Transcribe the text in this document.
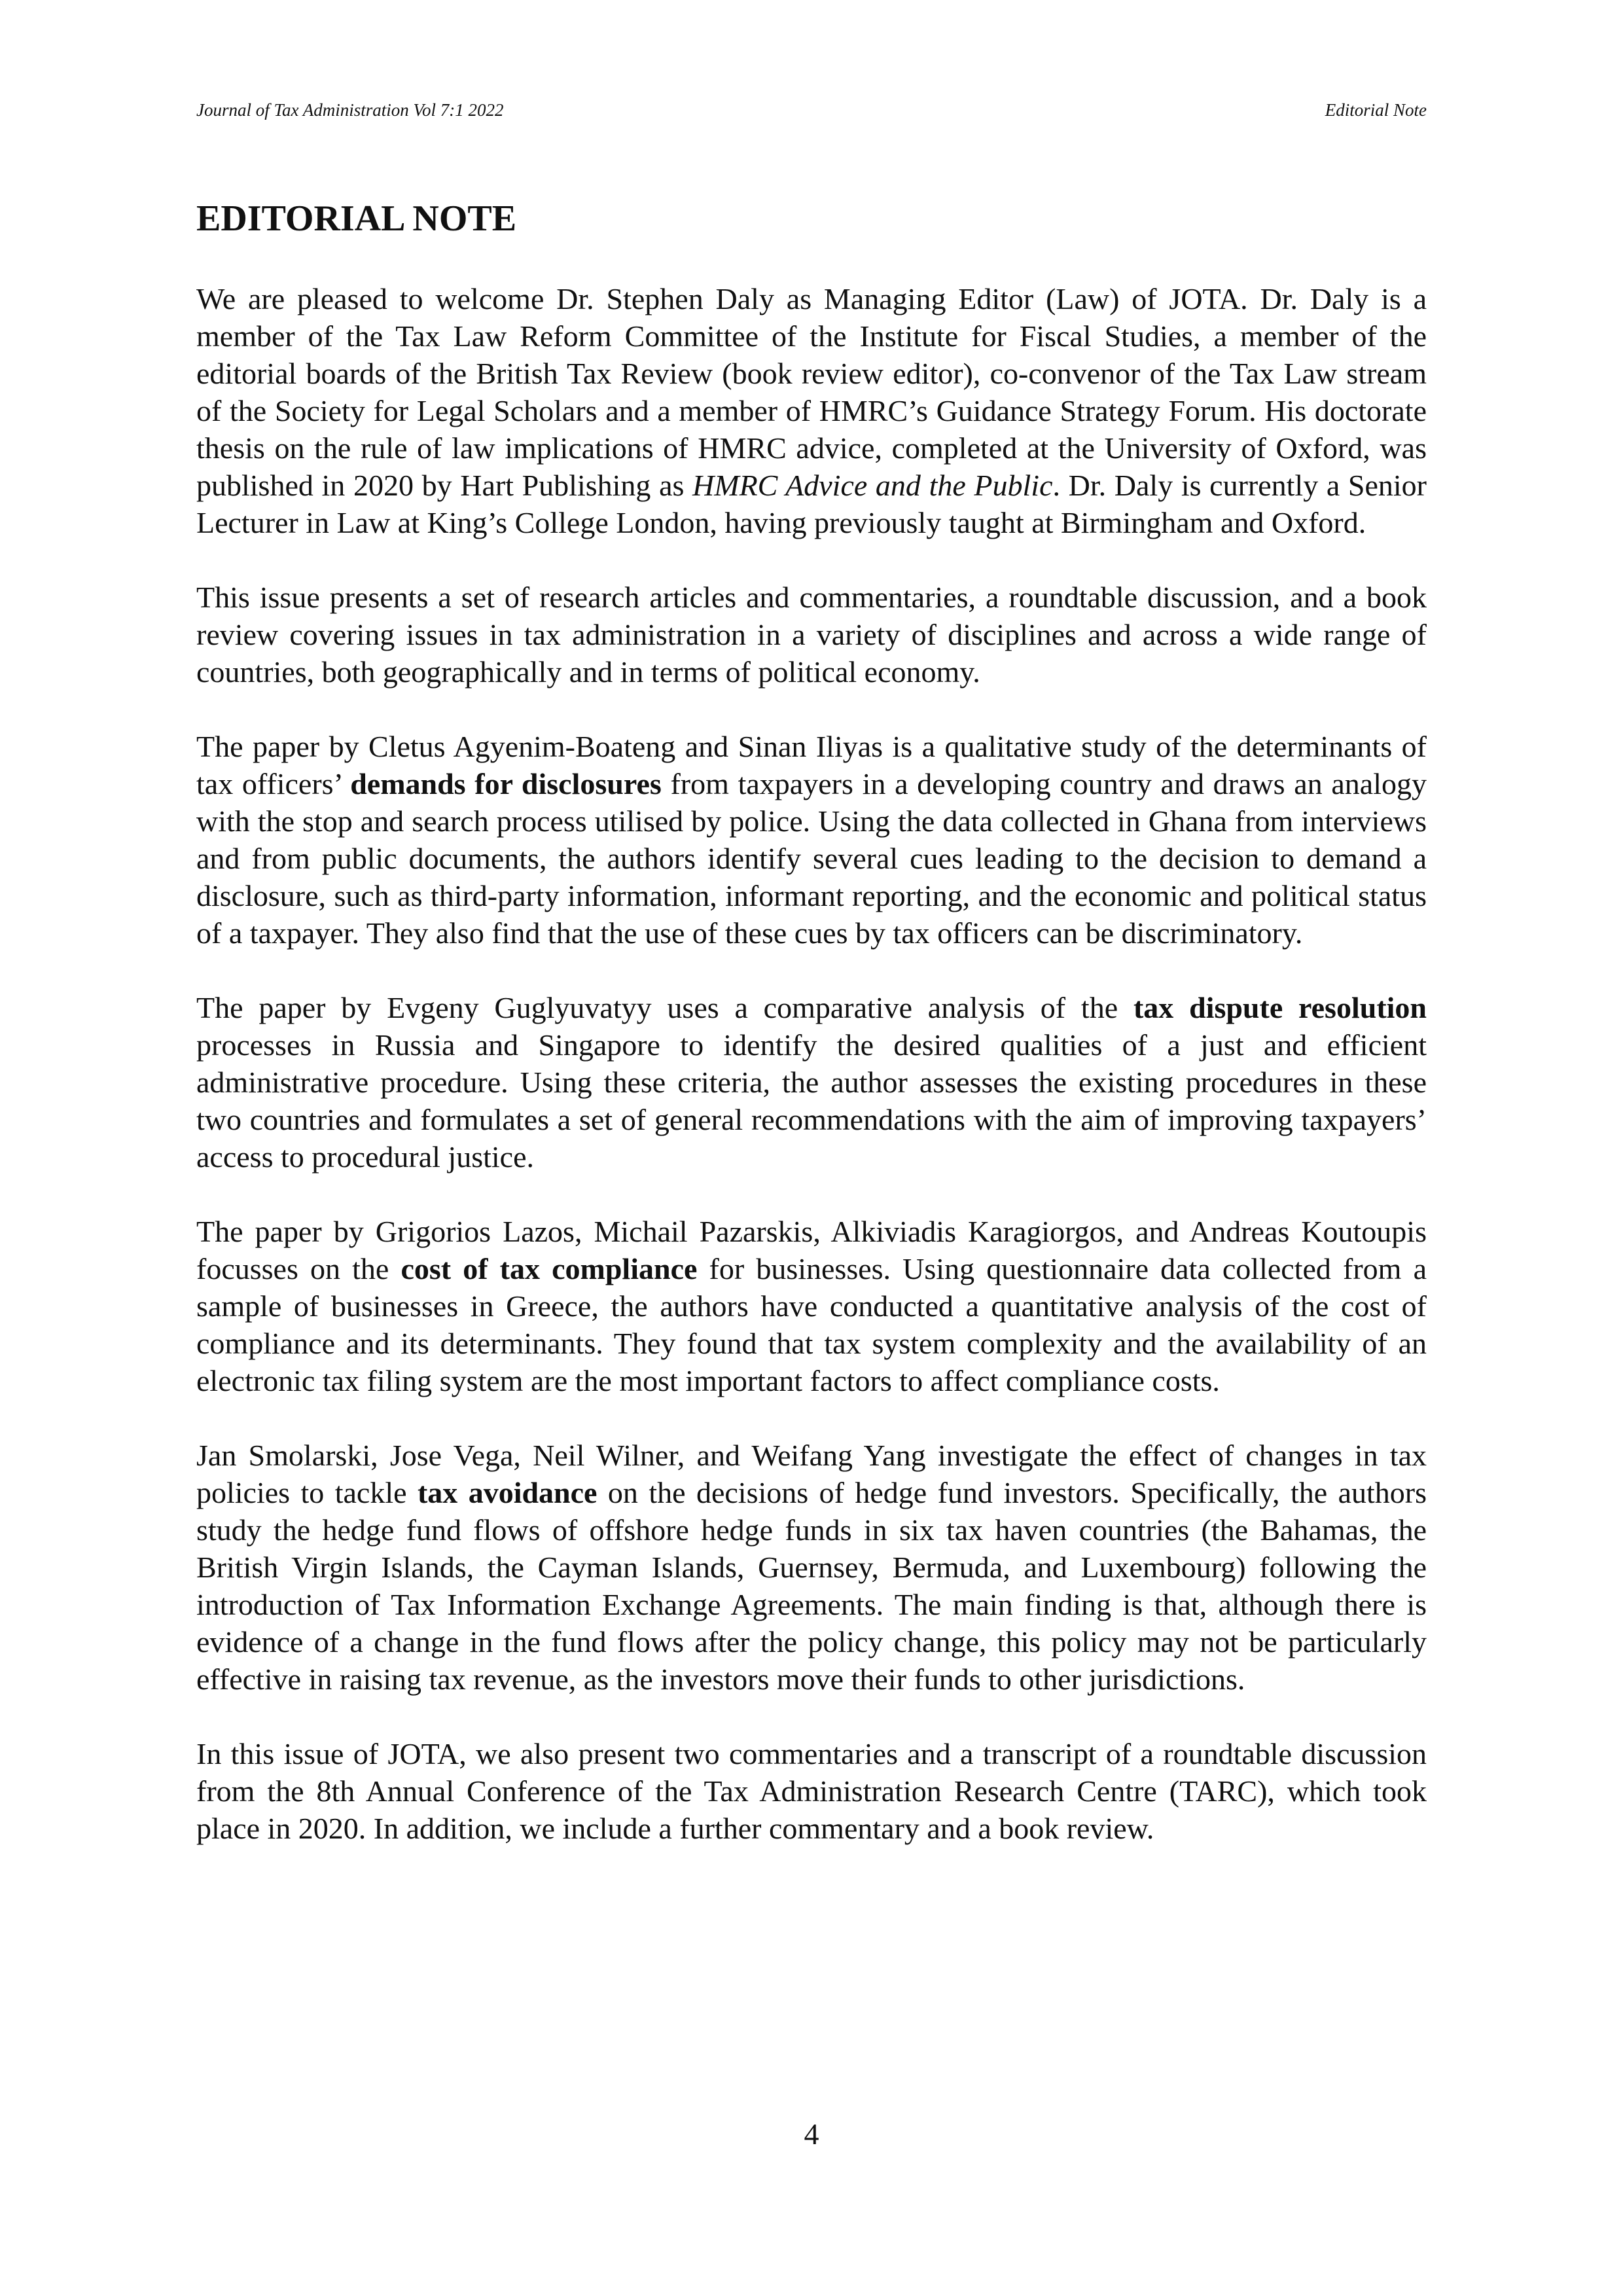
Journal of Tax Administration Vol 7:1 2022	Editorial Note
EDITORIAL NOTE

We are pleased to welcome Dr. Stephen Daly as Managing Editor (Law) of JOTA. Dr. Daly is a member of the Tax Law Reform Committee of the Institute for Fiscal Studies, a member of the editorial boards of the British Tax Review (book review editor), co-convenor of the Tax Law stream of the Society for Legal Scholars and a member of HMRC’s Guidance Strategy Forum. His doctorate thesis on the rule of law implications of HMRC advice, completed at the University of Oxford, was published in 2020 by Hart Publishing as HMRC Advice and the Public. Dr. Daly is currently a Senior Lecturer in Law at King’s College London, having previously taught at Birmingham and Oxford.

This issue presents a set of research articles and commentaries, a roundtable discussion, and a book review covering issues in tax administration in a variety of disciplines and across a wide range of countries, both geographically and in terms of political economy.

The paper by Cletus Agyenim-Boateng and Sinan Iliyas is a qualitative study of the determinants of tax officers’ demands for disclosures from taxpayers in a developing country and draws an analogy with the stop and search process utilised by police. Using the data collected in Ghana from interviews and from public documents, the authors identify several cues leading to the decision to demand a disclosure, such as third-party information, informant reporting, and the economic and political status of a taxpayer. They also find that the use of these cues by tax officers can be discriminatory.

The paper by Evgeny Guglyuvatyy uses a comparative analysis of the tax dispute resolution processes in Russia and Singapore to identify the desired qualities of a just and efficient administrative procedure. Using these criteria, the author assesses the existing procedures in these two countries and formulates a set of general recommendations with the aim of improving taxpayers’ access to procedural justice.

The paper by Grigorios Lazos, Michail Pazarskis, Alkiviadis Karagiorgos, and Andreas Koutoupis focusses on the cost of tax compliance for businesses. Using questionnaire data collected from a sample of businesses in Greece, the authors have conducted a quantitative analysis of the cost of compliance and its determinants. They found that tax system complexity and the availability of an electronic tax filing system are the most important factors to affect compliance costs.

Jan Smolarski, Jose Vega, Neil Wilner, and Weifang Yang investigate the effect of changes in tax policies to tackle tax avoidance on the decisions of hedge fund investors. Specifically, the authors study the hedge fund flows of offshore hedge funds in six tax haven countries (the Bahamas, the British Virgin Islands, the Cayman Islands, Guernsey, Bermuda, and Luxembourg) following the introduction of Tax Information Exchange Agreements. The main finding is that, although there is evidence of a change in the fund flows after the policy change, this policy may not be particularly effective in raising tax revenue, as the investors move their funds to other jurisdictions.

In this issue of JOTA, we also present two commentaries and a transcript of a roundtable discussion from the 8th Annual Conference of the Tax Administration Research Centre (TARC), which took place in 2020. In addition, we include a further commentary and a book review.

4
